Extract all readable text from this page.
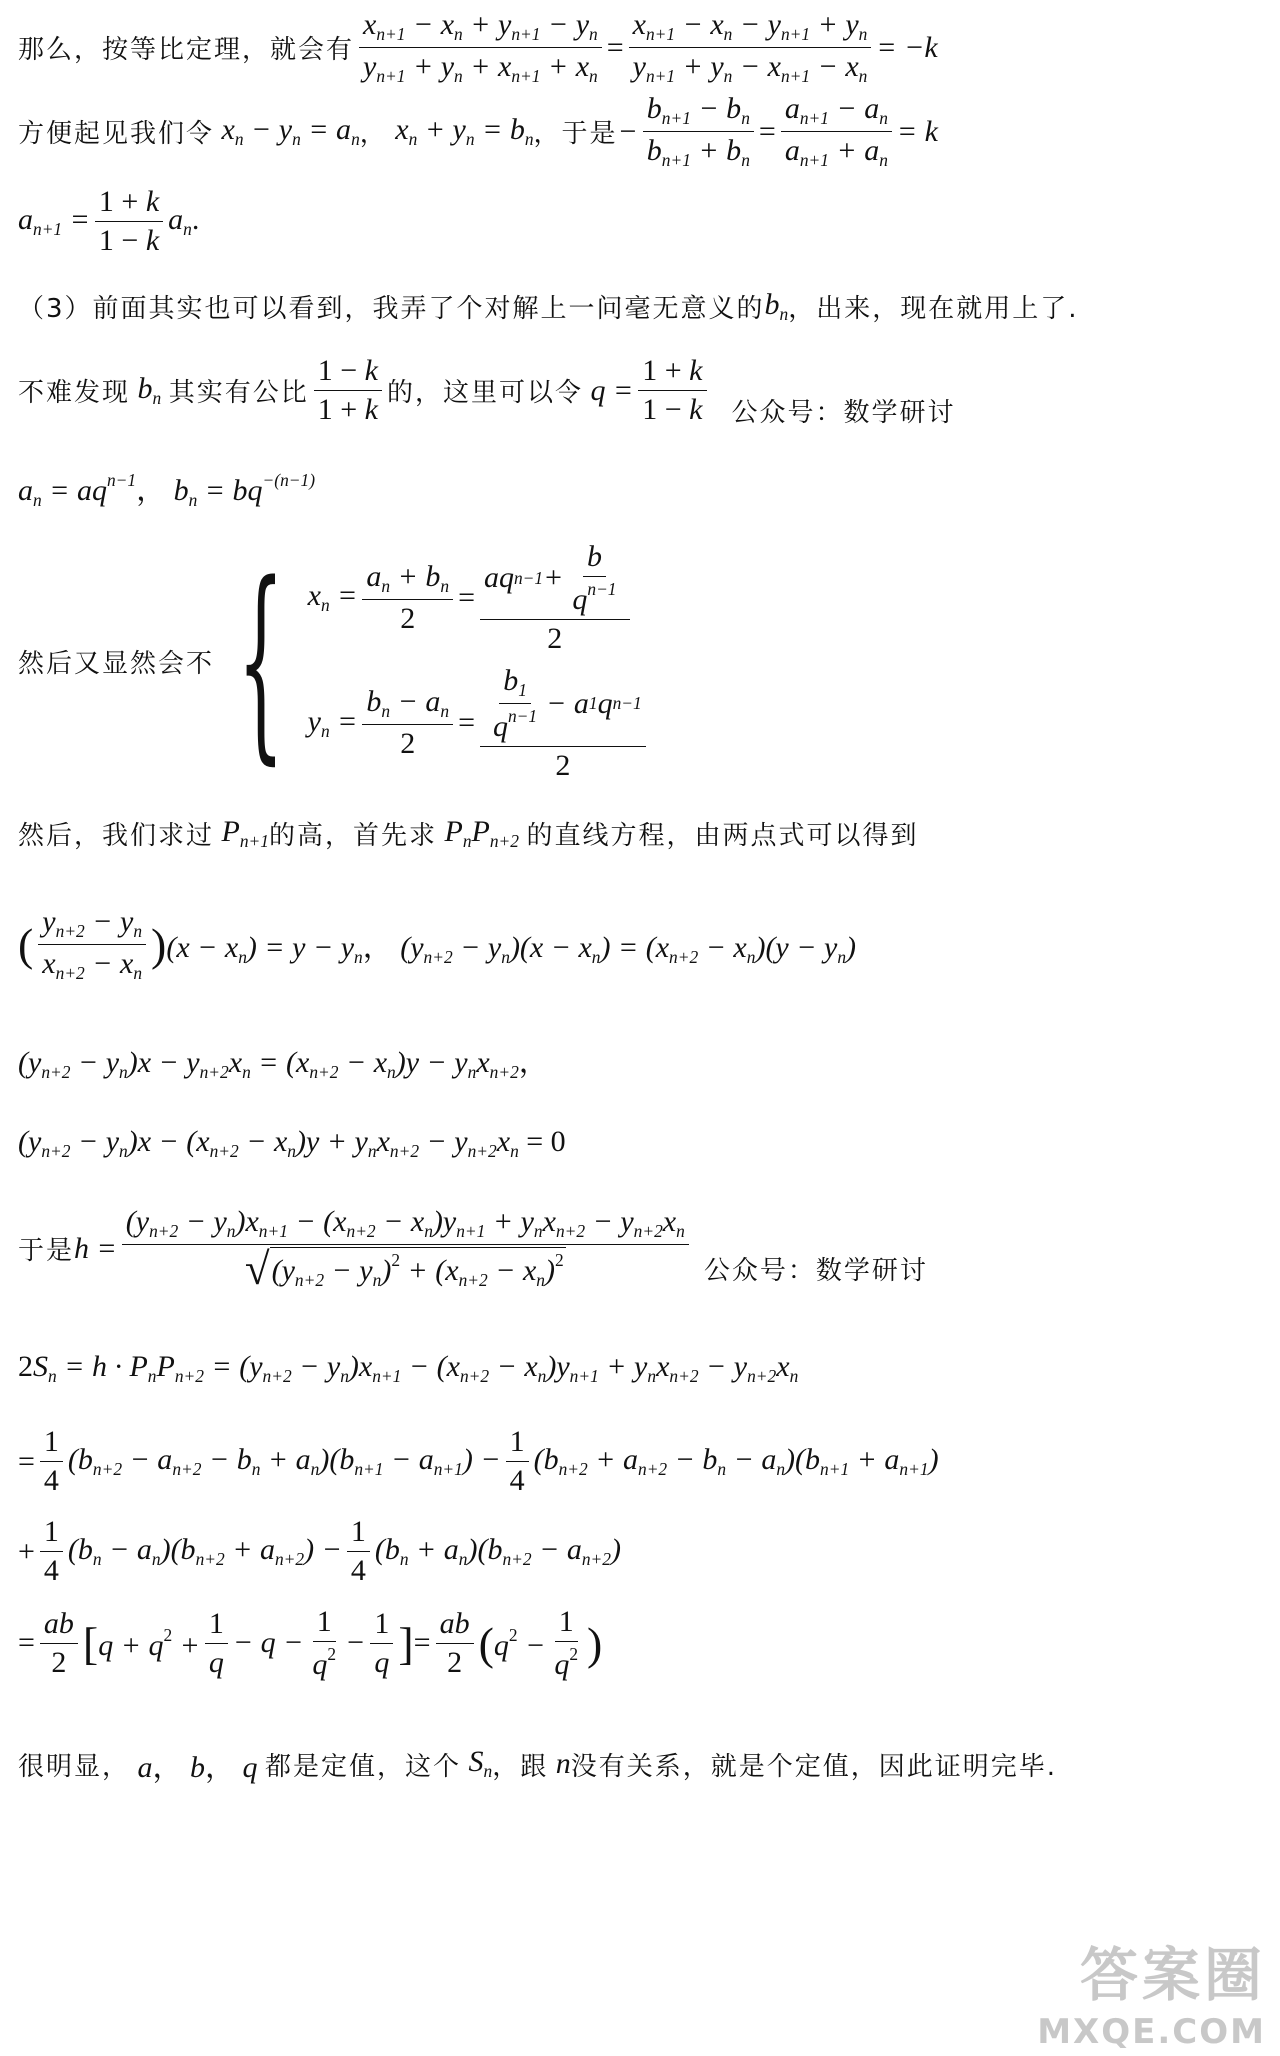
那么，按等比定理，就会有 $\frac{x_{n+1} - x_n + y_{n+1} - y_n}{y_{n+1} + y_n + x_{n+1} + x_n} = \frac{x_{n+1} - x_n - y_{n+1} + y_n}{y_{n+1} + y_n - x_{n+1} - x_n} = -k$
方便起见我们令 $x_n - y_n = a_n$ ， $x_n + y_n = b_n$ ，于是 − $\frac{b_{n+1} - b_n}{b_{n+1} + b_n} = \frac{a_{n+1} - a_n}{a_{n+1} + a_n} = k$
$a_{n+1} = \frac{1 + k}{1 - k} a_n$.
（3）前面其实也可以看到，我弄了个对解上一问毫无意义的 $b_n$ ，出来，现在就用上了.
不难发现 $b_n$ 其实有公比 $\frac{1 - k}{1 + k}$ 的，这里可以令 $q = \frac{1 + k}{1 - k}$ 公众号：数学研讨
$a_n = aq^{n-1}$， $b_n = bq^{-(n-1)}$
然后又显然会不 { $x_n = \frac{a_n + b_n}{2} = \frac{aq n-1 + \frac{b}{q^{n-1}}}{2}$
$y_n = \frac{b_n - a_n}{2} = \frac{\frac{b_1}{q^{n-1}} - a 1 q n-1}{2}$
然后，我们求过 $P_{n+1}$ 的高，首先求 $P_nP_{n+2}$ 的直线方程，由两点式可以得到
( $\frac{y_{n+2} - y_n}{x_{n+2} - x_n}$ ) $(x - x_n) = y - y_n$， $(y_{n+2} - y_n)(x - x_n) = (x_{n+2} - x_n)(y - y_n)$
$(y_{n+2} - y_n)x - y_{n+2}x_n = (x_{n+2} - x_n)y - y_nx_{n+2}$，
$(y_{n+2} - y_n)x - (x_{n+2} - x_n)y + y_nx_{n+2} - y_{n+2}x_n = 0$
于是 $h = \frac{(y_{n+2} - y_n)x_{n+1} - (x_{n+2} - x_n)y_{n+1} + y_nx_{n+2} - y_{n+2}x_n}{√ (y_{n+2} - y_n)^2 + (x_{n+2} - x_n)^2}$ 公众号：数学研讨
$2S_n = h \cdot P_nP_{n+2} = (y_{n+2} - y_n)x_{n+1} - (x_{n+2} - x_n)y_{n+1} + y_nx_{n+2} - y_{n+2}x_n$
= $\frac{1}{4} (b_{n+2} - a_{n+2} - b_n + a_n)(b_{n+1} - a_{n+1}) - \frac{1}{4} (b_{n+2} + a_{n+2} - b_n - a_n)(b_{n+1} + a_{n+1})$
+ $\frac{1}{4} (b_n - a_n)(b_{n+2} + a_{n+2}) - \frac{1}{4} (b_n + a_n)(b_{n+2} - a_{n+2})$
= $\frac{ab}{2}$ [ $q + q^2 + \frac{1}{q} - q - \frac{1}{q^2} - \frac{1}{q}$ ] = $\frac{ab}{2}$ ( $q^2 - \frac{1}{q^2}$ )
很明显， a， b， q 都是定值，这个 $S_n$ ，跟 n 没有关系，就是个定值，因此证明完毕.
答案圈
MXQE.COM
